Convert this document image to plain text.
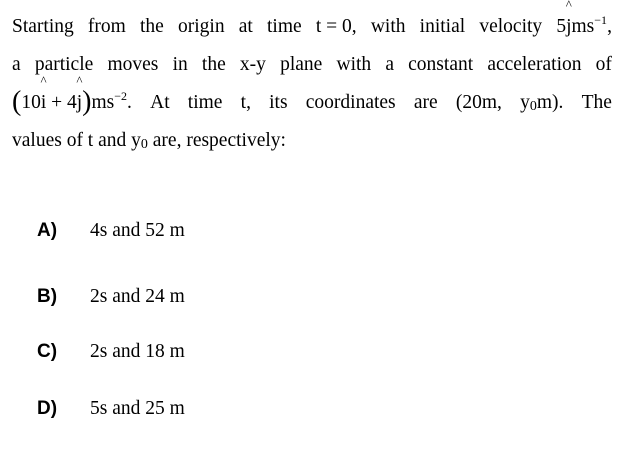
Starting from the origin at time t = 0, with initial velocity 5j $\^{}ms^{-1}$,
a particle moves in the x-y plane with a constant acceleration of
(10i ^ + 4j $\^{})ms^{-2}$. At time t, its coordinates are (20m, $y_0m$). The
values of t and $y_0$ are, respectively:
A)	4s and 52 m
B)	2s and 24 m
C)	2s and 18 m
D)	5s and 25 m
